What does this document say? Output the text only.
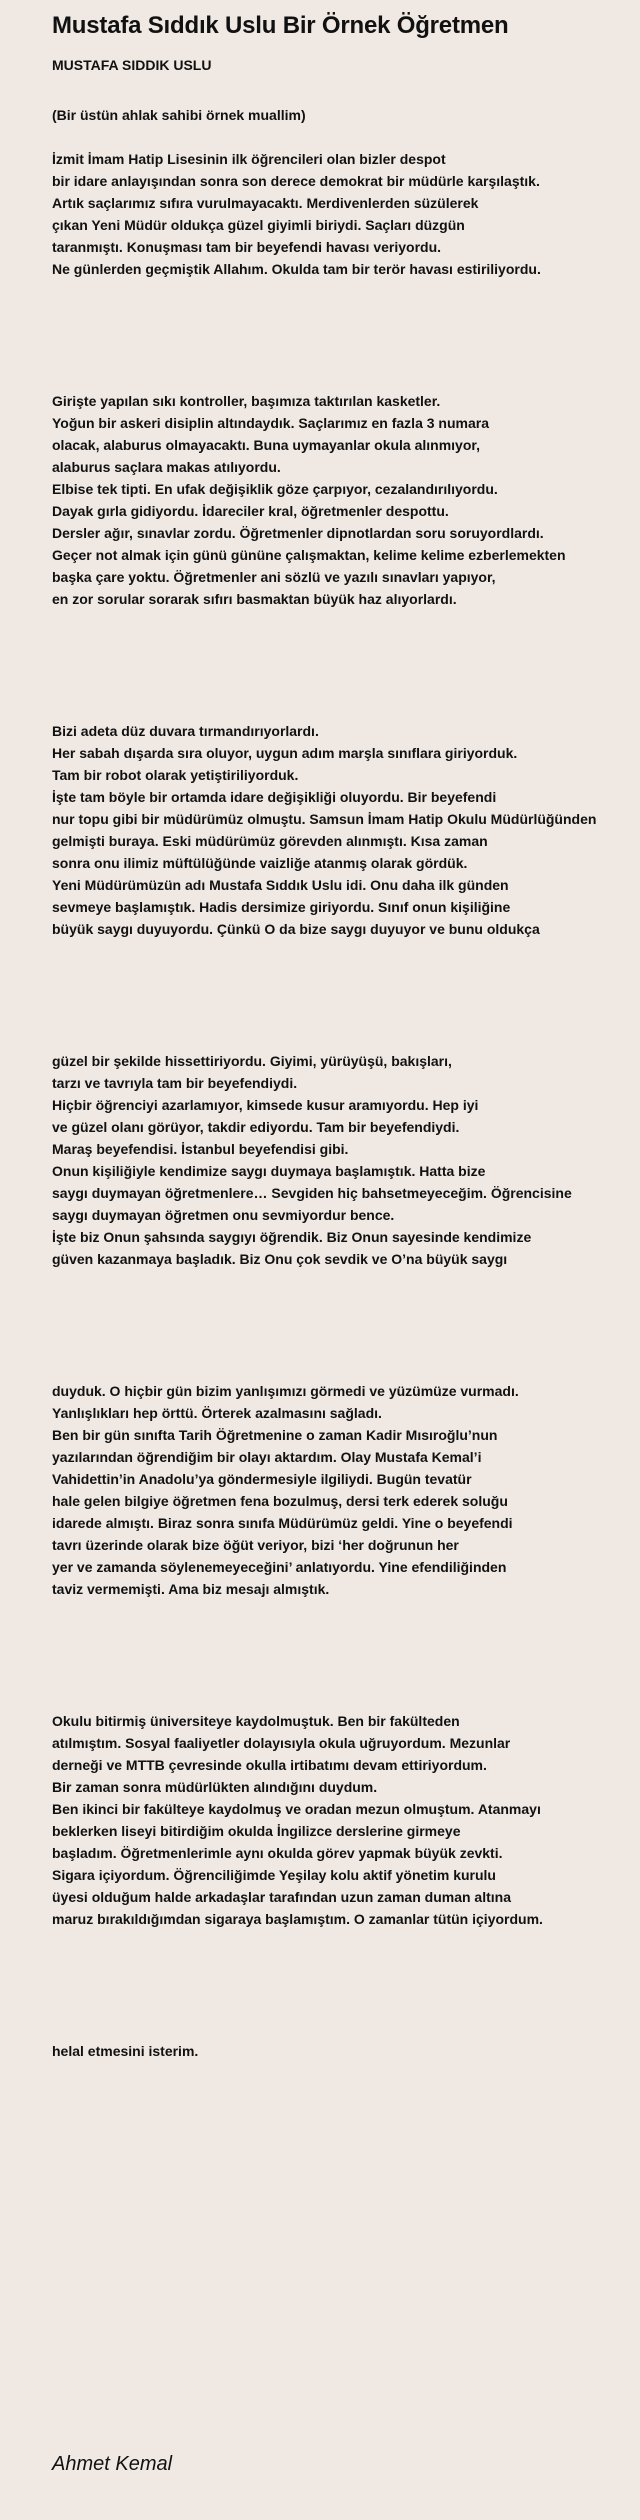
Mustafa Sıddık Uslu Bir Örnek Öğretmen
MUSTAFA SIDDIK USLU
(Bir üstün ahlak sahibi örnek muallim)
İzmit İmam Hatip Lisesinin ilk öğrencileri olan bizler despot
bir idare anlayışından sonra son derece demokrat bir müdürle karşılaştık.
Artık saçlarımız sıfıra vurulmayacaktı. Merdivenlerden süzülerek
çıkan Yeni Müdür oldukça güzel giyimli biriydi. Saçları düzgün
taranmıştı. Konuşması tam bir beyefendi havası veriyordu.
Ne günlerden geçmiştik Allahım. Okulda tam bir terör havası estiriliyordu.
Girişte yapılan sıkı kontroller, başımıza taktırılan kasketler.
Yoğun bir askeri disiplin altındaydık. Saçlarımız en fazla 3 numara
olacak, alaburus olmayacaktı. Buna uymayanlar okula alınmıyor,
alaburus saçlara makas atılıyordu.
Elbise tek tipti. En ufak değişiklik göze çarpıyor, cezalandırılıyordu.
Dayak gırla gidiyordu. İdareciler kral, öğretmenler despottu.
Dersler ağır, sınavlar zordu. Öğretmenler dipnotlardan soru soruyordlardı.
Geçer not almak için günü gününe çalışmaktan, kelime kelime ezberlemekten
başka çare yoktu. Öğretmenler ani sözlü ve yazılı sınavları yapıyor,
en zor sorular sorarak sıfırı basmaktan büyük haz alıyorlardı.
Bizi adeta düz duvara tırmandırıyorlardı.
Her sabah dışarda sıra oluyor, uygun adım marşla sınıflara giriyorduk.
Tam bir robot olarak yetiştiriliyorduk.
İşte tam böyle bir ortamda idare değişikliği oluyordu. Bir beyefendi
nur topu gibi bir müdürümüz olmuştu. Samsun İmam Hatip Okulu Müdürlüğünden
gelmişti buraya. Eski müdürümüz görevden alınmıştı. Kısa zaman
sonra onu ilimiz müftülüğünde vaizliğe atanmış olarak gördük.
Yeni Müdürümüzün adı Mustafa Sıddık Uslu idi. Onu daha ilk günden
sevmeye başlamıştık. Hadis dersimize giriyordu. Sınıf onun kişiliğine
büyük saygı duyuyordu. Çünkü O da bize saygı duyuyor ve bunu oldukça
güzel bir şekilde hissettiriyordu. Giyimi, yürüyüşü, bakışları,
tarzı ve tavrıyla tam bir beyefendiydi.
Hiçbir öğrenciyi azarlamıyor, kimsede kusur aramıyordu. Hep iyi
ve güzel olanı görüyor, takdir ediyordu. Tam bir beyefendiydi.
Maraş beyefendisi. İstanbul beyefendisi gibi.
Onun kişiliğiyle kendimize saygı duymaya başlamıştık. Hatta bize
saygı duymayan öğretmenlere… Sevgiden hiç bahsetmeyeceğim. Öğrencisine
saygı duymayan öğretmen onu sevmiyordur bence.
İşte biz Onun şahsında saygıyı öğrendik. Biz Onun sayesinde kendimize
güven kazanmaya başladık. Biz Onu çok sevdik ve O’na büyük saygı
duyduk. O hiçbir gün bizim yanlışımızı görmedi ve yüzümüze vurmadı.
Yanlışlıkları hep örttü. Örterek azalmasını sağladı.
Ben bir gün sınıfta Tarih Öğretmenine o zaman Kadir Mısıroğlu’nun
yazılarından öğrendiğim bir olayı aktardım. Olay Mustafa Kemal’i
Vahidettin’in Anadolu’ya göndermesiyle ilgiliydi. Bugün tevatür
hale gelen bilgiye öğretmen fena bozulmuş, dersi terk ederek soluğu
idarede almıştı. Biraz sonra sınıfa Müdürümüz geldi. Yine o beyefendi
tavrı üzerinde olarak bize öğüt veriyor, bizi ‘her doğrunun her
yer ve zamanda söylenemeyeceğini’ anlatıyordu. Yine efendiliğinden
taviz vermemişti. Ama biz mesajı almıştık.
Okulu bitirmiş üniversiteye kaydolmuştuk. Ben bir fakülteden
atılmıştım. Sosyal faaliyetler dolayısıyla okula uğruyordum. Mezunlar
derneği ve MTTB çevresinde okulla irtibatımı devam ettiriyordum.
Bir zaman sonra müdürlükten alındığını duydum.
Ben ikinci bir fakülteye kaydolmuş ve oradan mezun olmuştum. Atanmayı
beklerken liseyi bitirdiğim okulda İngilizce derslerine girmeye
başladım. Öğretmenlerimle aynı okulda görev yapmak büyük zevkti.
Sigara içiyordum. Öğrenciliğimde Yeşilay kolu aktif yönetim kurulu
üyesi olduğum halde arkadaşlar tarafından uzun zaman duman altına
maruz bırakıldığımdan sigaraya başlamıştım. O zamanlar tütün içiyordum.
helal etmesini isterim.
Ahmet Kemal
